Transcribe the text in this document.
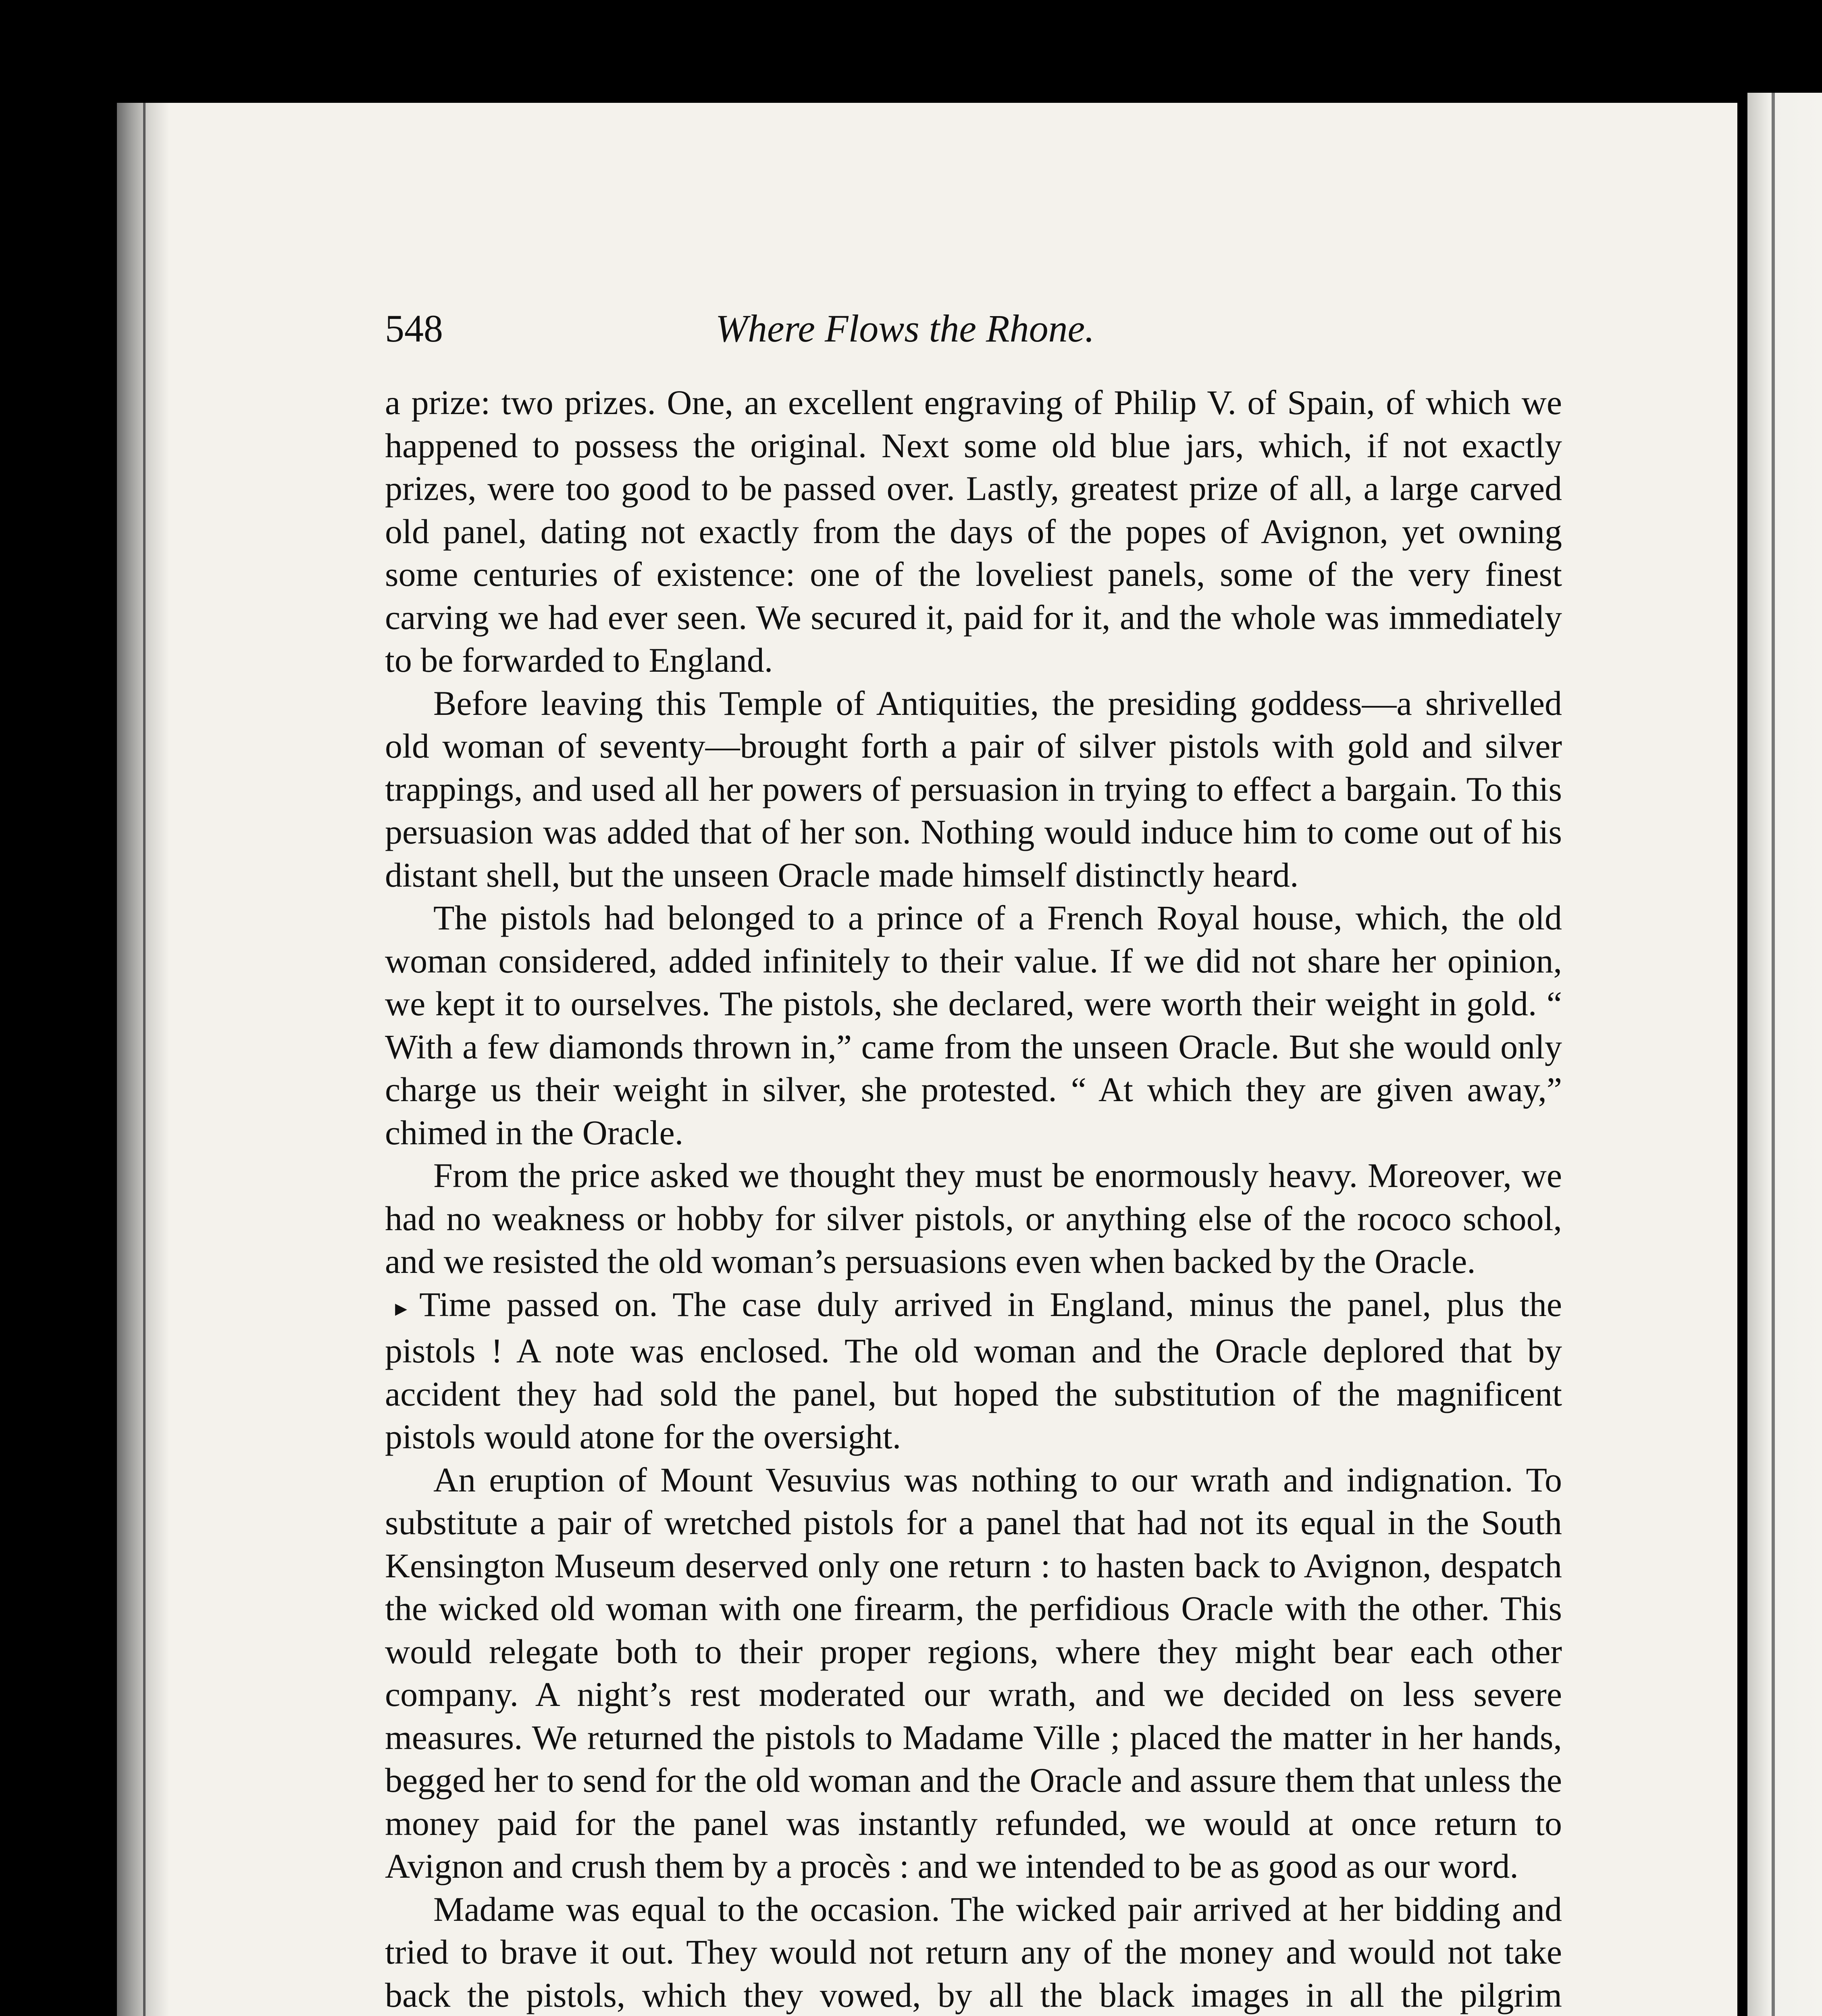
548	Where Flows the Rhone.

a prize: two prizes. One, an excellent engraving of Philip V. of Spain, of which we happened to possess the original. Next some old blue jars, which, if not exactly prizes, were too good to be passed over. Lastly, greatest prize of all, a large carved old panel, dating not exactly from the days of the popes of Avignon, yet owning some centuries of existence: one of the loveliest panels, some of the very finest carving we had ever seen. We secured it, paid for it, and the whole was immediately to be forwarded to England.

Before leaving this Temple of Antiquities, the presiding goddess—a shrivelled old woman of seventy—brought forth a pair of silver pistols with gold and silver trappings, and used all her powers of persuasion in trying to effect a bargain. To this persuasion was added that of her son. Nothing would induce him to come out of his distant shell, but the unseen Oracle made himself distinctly heard.

The pistols had belonged to a prince of a French Royal house, which, the old woman considered, added infinitely to their value. If we did not share her opinion, we kept it to ourselves. The pistols, she declared, were worth their weight in gold. “ With a few diamonds thrown in,” came from the unseen Oracle. But she would only charge us their weight in silver, she protested. “ At which they are given away,” chimed in the Oracle.

From the price asked we thought they must be enormously heavy. Moreover, we had no weakness or hobby for silver pistols, or anything else of the rococo school, and we resisted the old woman’s persuasions even when backed by the Oracle.

▸ Time passed on. The case duly arrived in England, minus the panel, plus the pistols ! A note was enclosed. The old woman and the Oracle deplored that by accident they had sold the panel, but hoped the substitution of the magnificent pistols would atone for the oversight.

An eruption of Mount Vesuvius was nothing to our wrath and indignation. To substitute a pair of wretched pistols for a panel that had not its equal in the South Kensington Museum deserved only one return : to hasten back to Avignon, despatch the wicked old woman with one firearm, the perfidious Oracle with the other. This would relegate both to their proper regions, where they might bear each other company. A night’s rest moderated our wrath, and we decided on less severe measures. We returned the pistols to Madame Ville ; placed the matter in her hands, begged her to send for the old woman and the Oracle and assure them that unless the money paid for the panel was instantly refunded, we would at once return to Avignon and crush them by a procès : and we intended to be as good as our word.

Madame was equal to the occasion. The wicked pair arrived at her bidding and tried to brave it out. They would not return any of the money and would not take back the pistols, which they vowed, by all the black images in all the pilgrim
